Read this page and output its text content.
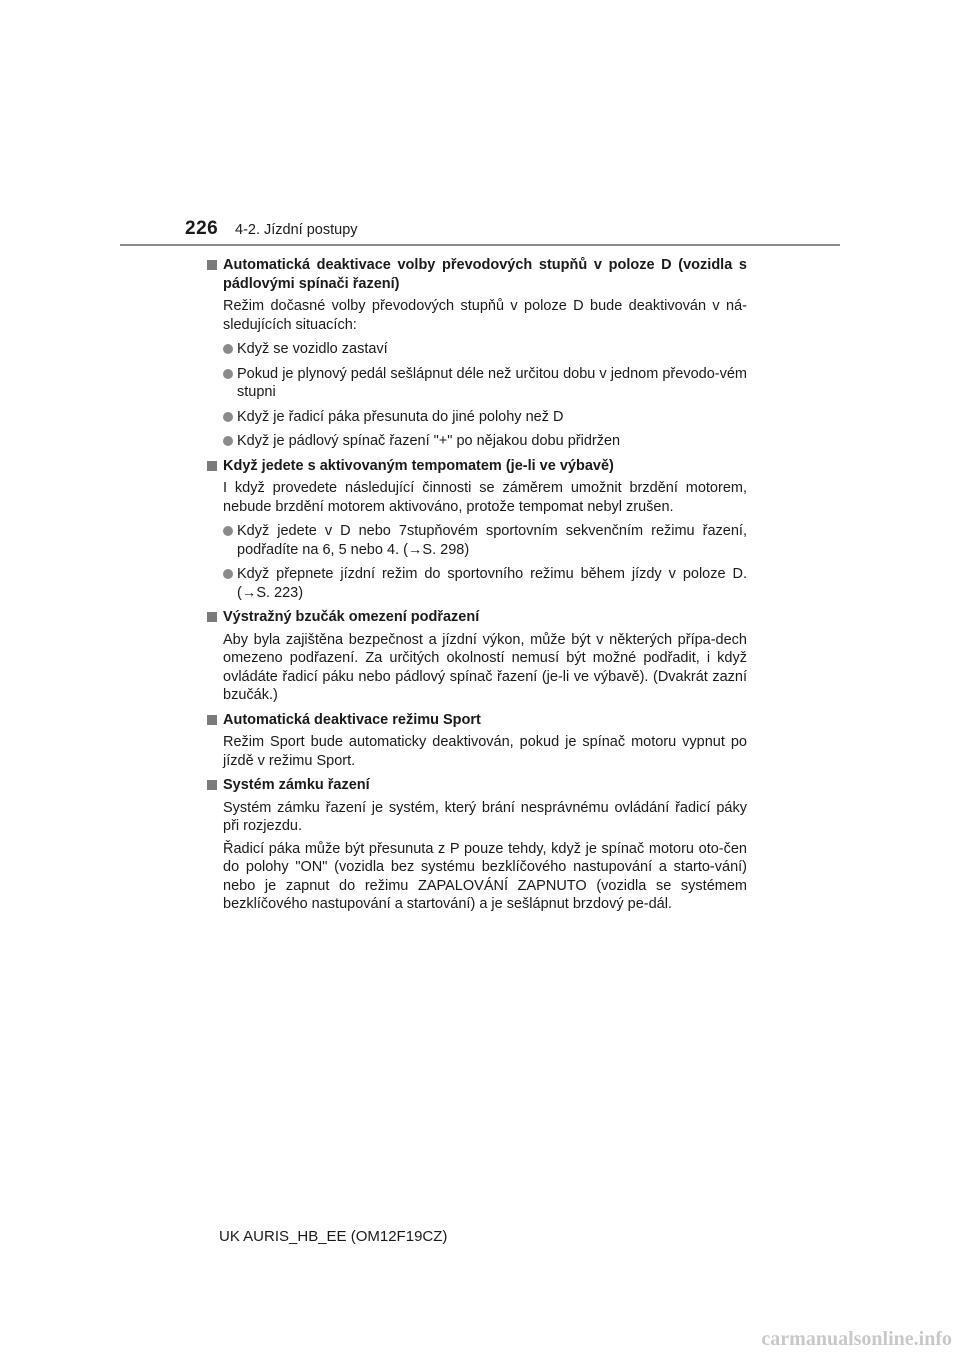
226 4-2. Jízdní postupy
Automatická deaktivace volby převodových stupňů v poloze D (vozidla s pádlovými spínači řazení)
Režim dočasné volby převodových stupňů v poloze D bude deaktivován v ná-sledujících situacích:
Když se vozidlo zastaví
Pokud je plynový pedál sešlápnut déle než určitou dobu v jednom převodo-vém stupni
Když je řadicí páka přesunuta do jiné polohy než D
Když je pádlový spínač řazení "+" po nějakou dobu přidržen
Když jedete s aktivovaným tempomatem (je-li ve výbavě)
I když provedete následující činnosti se záměrem umožnit brzdění motorem, nebude brzdění motorem aktivováno, protože tempomat nebyl zrušen.
Když jedete v D nebo 7stupňovém sportovním sekvenčním režimu řazení, podřadíte na 6, 5 nebo 4. (→S. 298)
Když přepnete jízdní režim do sportovního režimu během jízdy v poloze D. (→S. 223)
Výstražný bzučák omezení podřazení
Aby byla zajištěna bezpečnost a jízdní výkon, může být v některých přípa-dech omezeno podřazení. Za určitých okolností nemusí být možné podřadit, i když ovládáte řadicí páku nebo pádlový spínač řazení (je-li ve výbavě). (Dvakrát zazní bzučák.)
Automatická deaktivace režimu Sport
Režim Sport bude automaticky deaktivován, pokud je spínač motoru vypnut po jízdě v režimu Sport.
Systém zámku řazení
Systém zámku řazení je systém, který brání nesprávnému ovládání řadicí páky při rozjezdu.
Řadicí páka může být přesunuta z P pouze tehdy, když je spínač motoru oto-čen do polohy "ON" (vozidla bez systému bezklíčového nastupování a starto-vání) nebo je zapnut do režimu ZAPALOVÁNÍ ZAPNUTO (vozidla se systémem bezklíčového nastupování a startování) a je sešlápnut brzdový pe-dál.
UK AURIS_HB_EE (OM12F19CZ)
carmanualsonline.info
